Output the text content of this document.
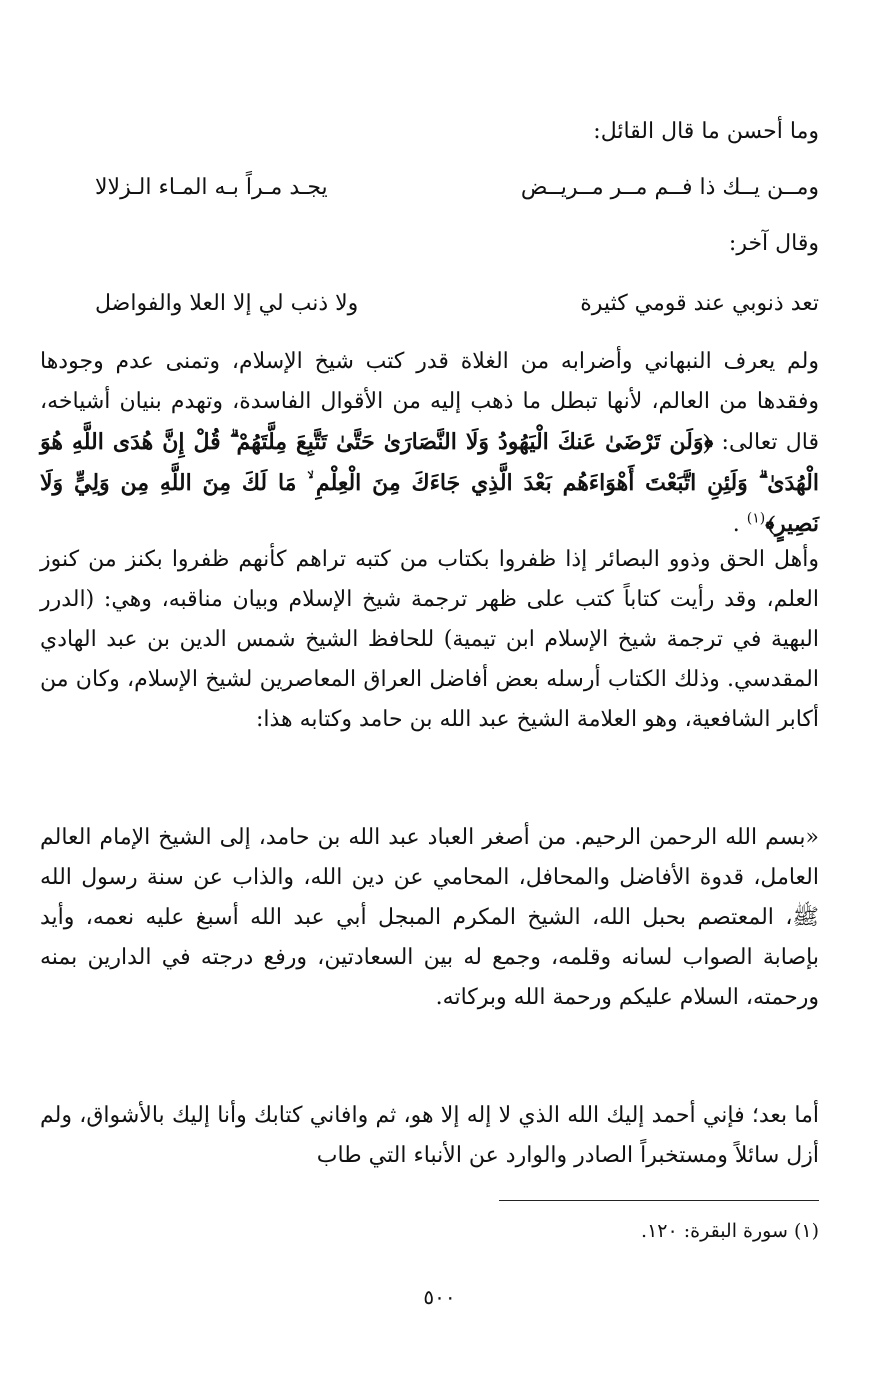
وما أحسن ما قال القائل:
ومــن يــك ذا فــم مــر مــريــض
يجـد مـراً بـه المـاء الـزلالا
وقال آخر:
تعد ذنوبي عند قومي كثيرة
ولا ذنب لي إلا العلا والفواضل
ولم يعرف النبهاني وأضرابه من الغلاة قدر كتب شيخ الإسلام، وتمنى عدم وجودها وفقدها من العالم، لأنها تبطل ما ذهب إليه من الأقوال الفاسدة، وتهدم بنيان أشياخه، قال تعالى: ﴿وَلَن تَرْضَىٰ عَنكَ الْيَهُودُ وَلَا النَّصَارَىٰ حَتَّىٰ تَتَّبِعَ مِلَّتَهُمْ ۗ قُلْ إِنَّ هُدَى اللَّهِ هُوَ الْهُدَىٰ ۗ وَلَئِنِ اتَّبَعْتَ أَهْوَاءَهُم بَعْدَ الَّذِي جَاءَكَ مِنَ الْعِلْمِ ۙ مَا لَكَ مِنَ اللَّهِ مِن وَلِيٍّ وَلَا نَصِيرٍ﴾$^{(١)}$ .
وأهل الحق وذوو البصائر إذا ظفروا بكتاب من كتبه تراهم كأنهم ظفروا بكنز من كنوز العلم، وقد رأيت كتاباً كتب على ظهر ترجمة شيخ الإسلام وبيان مناقبه، وهي: (الدرر البهية في ترجمة شيخ الإسلام ابن تيمية) للحافظ الشيخ شمس الدين بن عبد الهادي المقدسي. وذلك الكتاب أرسله بعض أفاضل العراق المعاصرين لشيخ الإسلام، وكان من أكابر الشافعية، وهو العلامة الشيخ عبد الله بن حامد وكتابه هذا:
«بسم الله الرحمن الرحيم. من أصغر العباد عبد الله بن حامد، إلى الشيخ الإمام العالم العامل، قدوة الأفاضل والمحافل، المحامي عن دين الله، والذاب عن سنة رسول الله ﷺ، المعتصم بحبل الله، الشيخ المكرم المبجل أبي عبد الله أسبغ عليه نعمه، وأيد بإصابة الصواب لسانه وقلمه، وجمع له بين السعادتين، ورفع درجته في الدارين بمنه ورحمته، السلام عليكم ورحمة الله وبركاته.
أما بعد؛ فإني أحمد إليك الله الذي لا إله إلا هو، ثم وافاني كتابك وأنا إليك بالأشواق، ولم أزل سائلاً ومستخبراً الصادر والوارد عن الأنباء التي طاب
(١) سورة البقرة: ١٢٠.
٥٠٠
